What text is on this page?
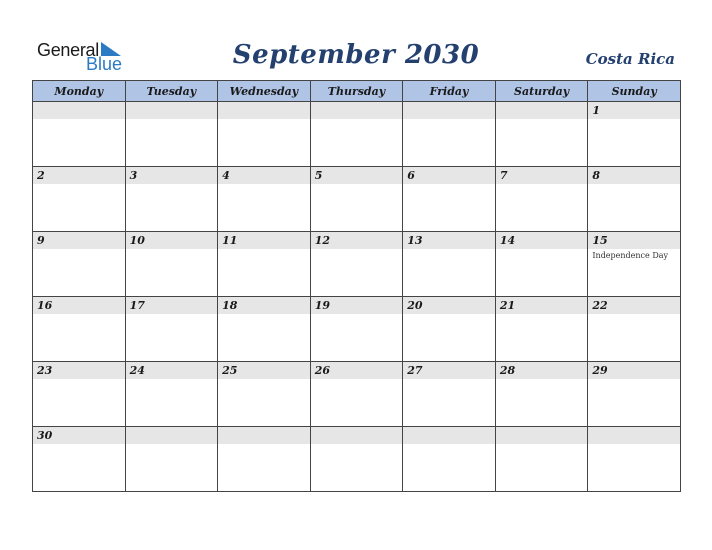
General
Blue	September 2030	Costa Rica
Monday	Tuesday	Wednesday	Thursday	Friday	Saturday	Sunday

						1

2	3	4	5	6	7	8

9	10	11	12	13	14	15
Independence Day

16	17	18	19	20	21	22

23	24	25	26	27	28	29

30						
